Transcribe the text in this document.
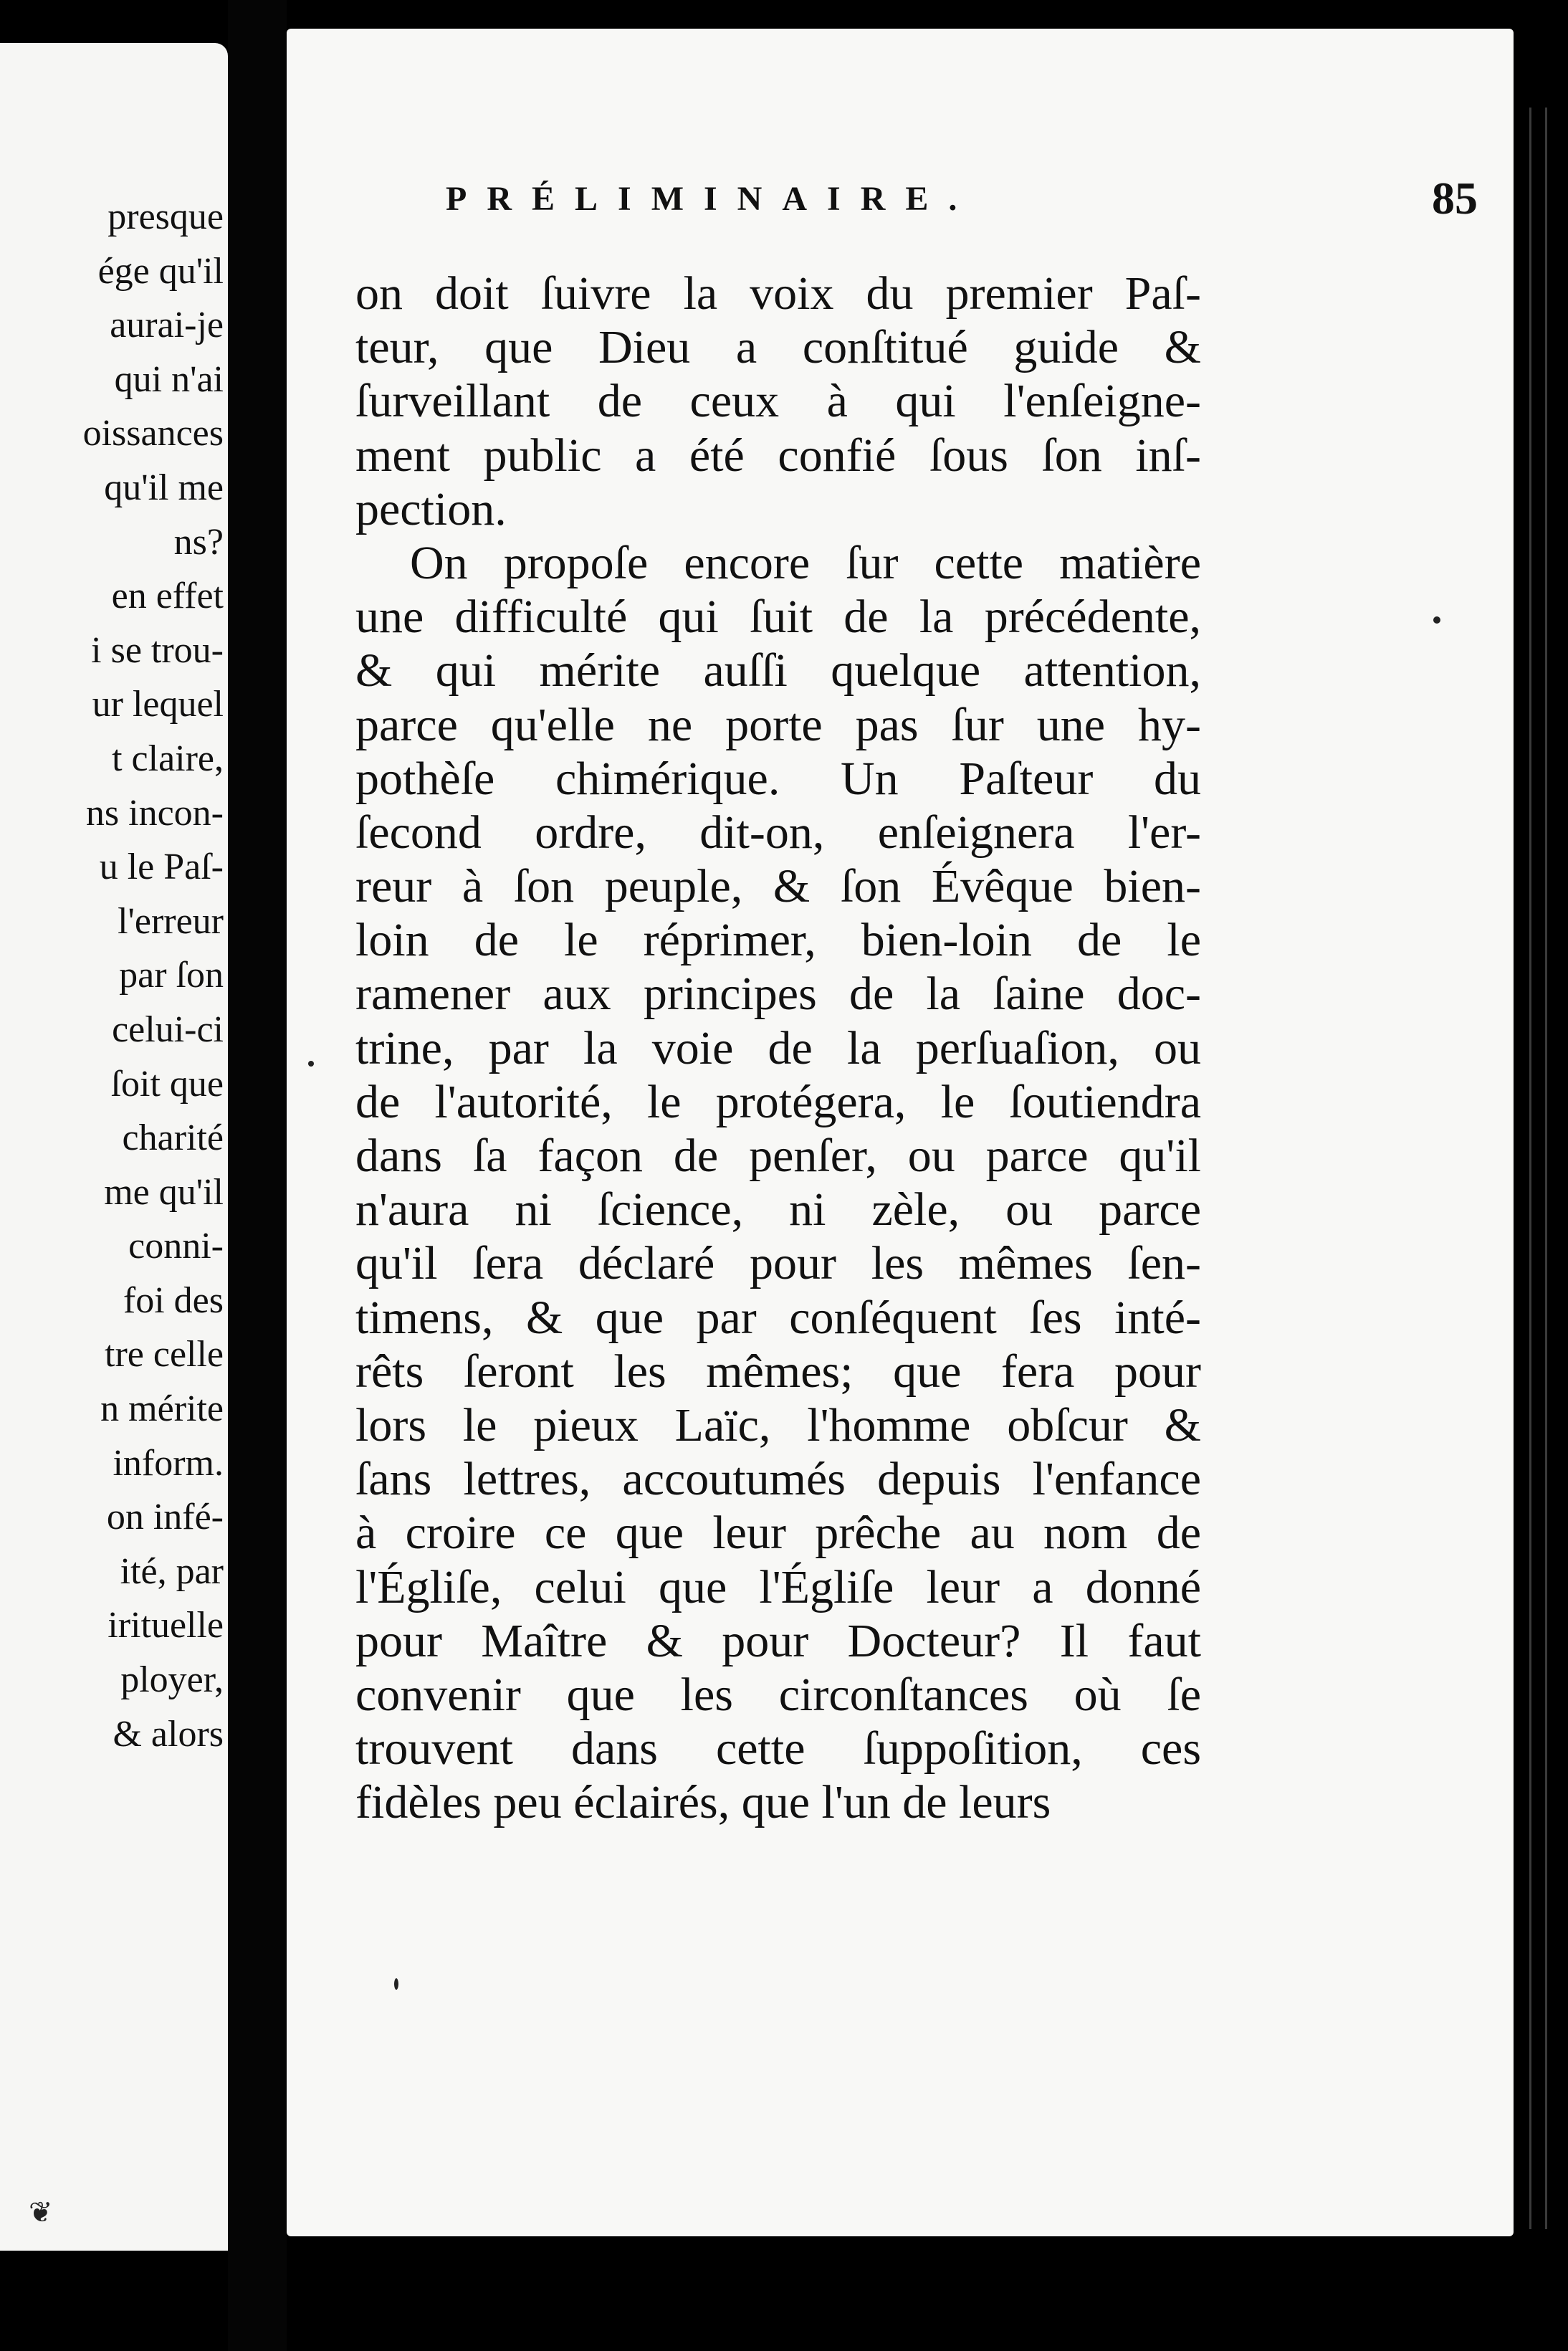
presque
ége qu'il
aurai-je
qui n'ai
oissances
qu'il me
ns?
en effet
i se trou-
ur lequel
t claire,
ns incon-
u le Paſ-
l'erreur
par ſon
celui-ci
ſoit que
charité
me qu'il
conni-
foi des
tre celle
n mérite
inform.
on infé-
ité, par
irituelle
ployer,
& alors
❦
PRÉLIMINAIRE.	85
on doit ſuivre la voix du premier Paſ-
teur, que Dieu a conſtitué guide &
ſurveillant de ceux à qui l'enſeigne-
ment public a été confié ſous ſon inſ-
pection.
On propoſe encore ſur cette matière
une difficulté qui ſuit de la précédente,
& qui mérite auſſi quelque attention,
parce qu'elle ne porte pas ſur une hy-
pothèſe chimérique. Un Paſteur du
ſecond ordre, dit-on, enſeignera l'er-
reur à ſon peuple, & ſon Évêque bien-
loin de le réprimer, bien-loin de le
ramener aux principes de la ſaine doc-
trine, par la voie de la perſuaſion, ou
de l'autorité, le protégera, le ſoutiendra
dans ſa façon de penſer, ou parce qu'il
n'aura ni ſcience, ni zèle, ou parce
qu'il ſera déclaré pour les mêmes ſen-
timens, & que par conſéquent ſes inté-
rêts ſeront les mêmes; que fera pour
lors le pieux Laïc, l'homme obſcur &
ſans lettres, accoutumés depuis l'enfance
à croire ce que leur prêche au nom de
l'Égliſe, celui que l'Égliſe leur a donné
pour Maître & pour Docteur? Il faut
convenir que les circonſtances où ſe
trouvent dans cette ſuppoſition, ces
fidèles peu éclairés, que l'un de leurs
